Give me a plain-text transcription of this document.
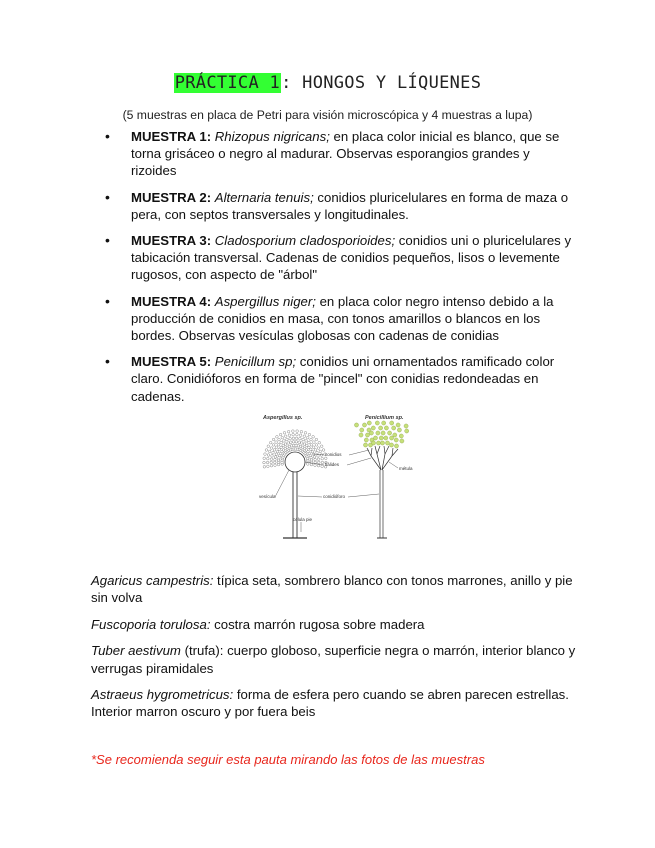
PRÁCTICA 1: HONGOS Y LÍQUENES
(5 muestras en placa de Petri para visión microscópica y 4 muestras a lupa)
• MUESTRA 1: Rhizopus nigricans; en placa color inicial es blanco, que se torna grisáceo o negro al madurar. Observas esporangios grandes y rizoides
• MUESTRA 2: Alternaria tenuis; conidios pluricelulares en forma de maza o pera, con septos transversales y longitudinales.
• MUESTRA 3: Cladosporium cladosporioides; conidios uni o pluricelulares y tabicación transversal. Cadenas de conidios pequeños, lisos o levemente rugosos, con aspecto de "árbol"
• MUESTRA 4: Aspergillus niger; en placa color negro intenso debido a la producción de conidios en masa, con tonos amarillos o blancos en los bordes. Observas vesículas globosas con cadenas de conidias
• MUESTRA 5: Penicillum sp; conidios uni ornamentados ramificado color claro. Conidióforos en forma de "pincel" con conidias redondeadas en cadenas.
Aspergillus sp.
célula pie
vesícula
conidios
fiálides
conidióforo
Penicillium sp.
métula

Agaricus campestris: típica seta, sombrero blanco con tonos marrones, anillo y pie sin volva

Fuscoporia torulosa: costra marrón rugosa sobre madera

Tuber aestivum (trufa): cuerpo globoso, superficie negra o marrón, interior blanco y verrugas piramidales

Astraeus hygrometricus: forma de esfera pero cuando se abren parecen estrellas. Interior marron oscuro y por fuera beis

*Se recomienda seguir esta pauta mirando las fotos de las muestras
